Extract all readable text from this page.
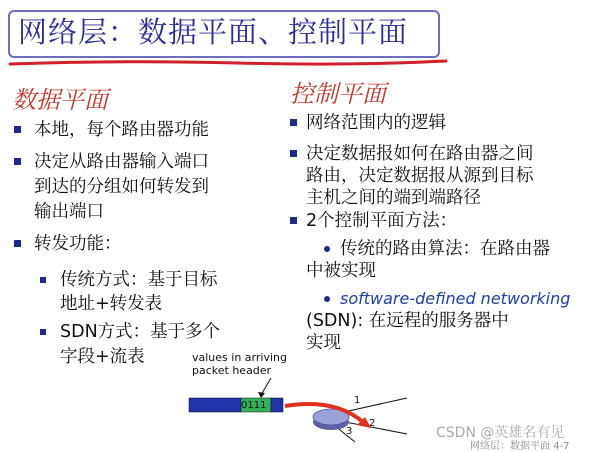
网络层：数据平面、控制平面
数据平面
本地，每个路由器功能
决定从路由器输入端口
到达的分组如何转发到
输出端口
转发功能：
传统方式：基于目标
地址+转发表
SDN方式：基于多个
字段+流表
控制平面
网络范围内的逻辑
决定数据报如何在路由器之间
路由，决定数据报从源到目标
主机之间的端到端路径
2个控制平面方法：
传统的路由算法：在路由器
中被实现
software-defined networking
(SDN): 在远程的服务器中
实现
values in arriving
packet header
0111	1
2
3	CSDN @英雄名有见
网络层：数据平面 4-7
